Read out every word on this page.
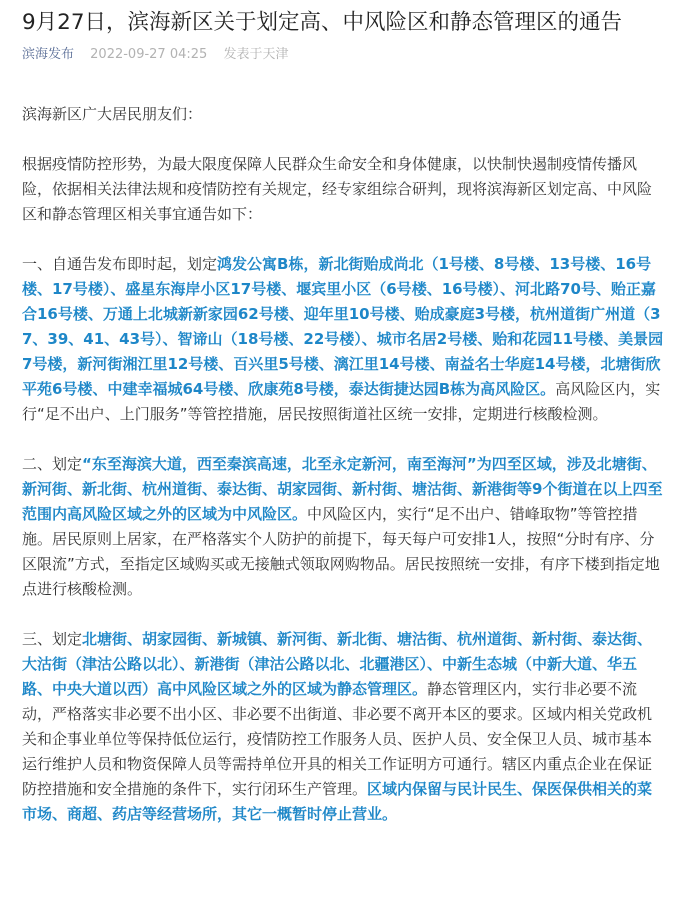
9月27日，滨海新区关于划定高、中风险区和静态管理区的通告
滨海发布 2022-09-27 04:25 发表于天津

滨海新区广大居民朋友们：

根据疫情防控形势，为最大限度保障人民群众生命安全和身体健康，以快制快遏制疫情传播风险，依据相关法律法规和疫情防控有关规定，经专家组综合研判，现将滨海新区划定高、中风险区和静态管理区相关事宜通告如下：

一、自通告发布即时起，划定鸿发公寓B栋，新北街贻成尚北（1号楼、8号楼、13号楼、16号楼、17号楼）、盛星东海岸小区17号楼、堰宾里小区（6号楼、16号楼）、河北路70号、贻正嘉合16号楼、万通上北城新新家园62号楼、迎年里10号楼、贻成豪庭3号楼，杭州道街广州道（37、39、41、43号）、智谛山（18号楼、22号楼）、城市名居2号楼、贻和花园11号楼、美景园7号楼，新河街湘江里12号楼、百兴里5号楼、漓江里14号楼、南益名士华庭14号楼，北塘街欣平苑6号楼、中建幸福城64号楼、欣康苑8号楼，泰达街捷达园B栋为高风险区。高风险区内，实行“足不出户、上门服务”等管控措施，居民按照街道社区统一安排，定期进行核酸检测。

二、划定“东至海滨大道，西至秦滨高速，北至永定新河，南至海河”为四至区域，涉及北塘街、新河街、新北街、杭州道街、泰达街、胡家园街、新村街、塘沽街、新港街等9个街道在以上四至范围内高风险区域之外的区域为中风险区。中风险区内，实行“足不出户、错峰取物”等管控措施。居民原则上居家，在严格落实个人防护的前提下，每天每户可安排1人，按照“分时有序、分区限流”方式，至指定区域购买或无接触式领取网购物品。居民按照统一安排，有序下楼到指定地点进行核酸检测。

三、划定北塘街、胡家园街、新城镇、新河街、新北街、塘沽街、杭州道街、新村街、泰达街、大沽街（津沽公路以北）、新港街（津沽公路以北、北疆港区）、中新生态城（中新大道、华五路、中央大道以西）高中风险区域之外的区域为静态管理区。静态管理区内，实行非必要不流动，严格落实非必要不出小区、非必要不出街道、非必要不离开本区的要求。区域内相关党政机关和企事业单位等保持低位运行，疫情防控工作服务人员、医护人员、安全保卫人员、城市基本运行维护人员和物资保障人员等需持单位开具的相关工作证明方可通行。辖区内重点企业在保证防控措施和安全措施的条件下，实行闭环生产管理。区域内保留与民计民生、保医保供相关的菜市场、商超、药店等经营场所，其它一概暂时停止营业。
